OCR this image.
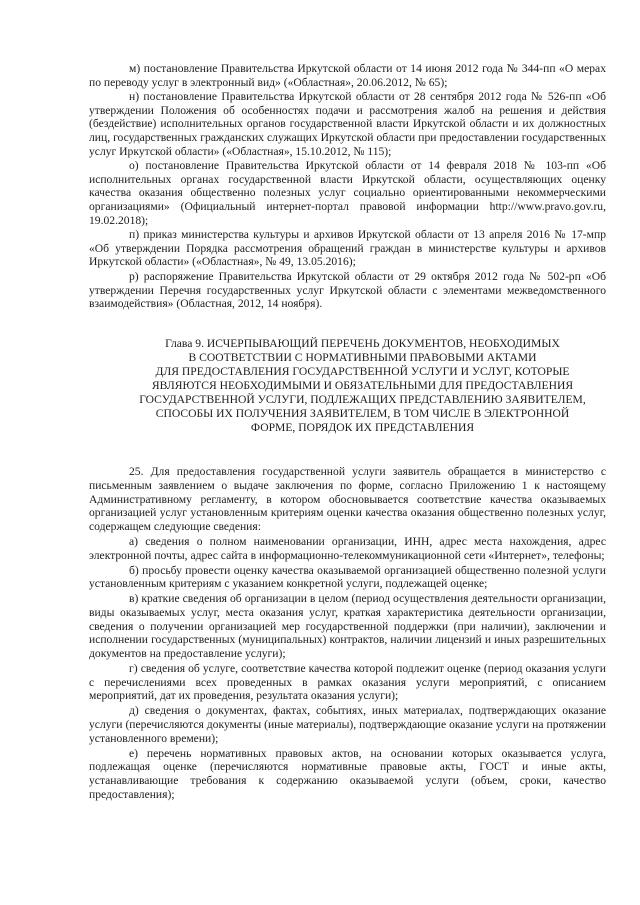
м) постановление Правительства Иркутской области от 14 июня 2012 года № 344-пп «О мерах по переводу услуг в электронный вид» («Областная», 20.06.2012, № 65);

н) постановление Правительства Иркутской области от 28 сентября 2012 года № 526-пп «Об утверждении Положения об особенностях подачи и рассмотрения жалоб на решения и действия (бездействие) исполнительных органов государственной власти Иркутской области и их должностных лиц, государственных гражданских служащих Иркутской области при предоставлении государственных услуг Иркутской области» («Областная», 15.10.2012, № 115);

о) постановление Правительства Иркутской области от 14 февраля 2018 № 103-пп «Об исполнительных органах государственной власти Иркутской области, осуществляющих оценку качества оказания общественно полезных услуг социально ориентированными некоммерческими организациями» (Официальный интернет-портал правовой информации http://www.pravo.gov.ru, 19.02.2018);

п) приказ министерства культуры и архивов Иркутской области от 13 апреля 2016 № 17-мпр «Об утверждении Порядка рассмотрения обращений граждан в министерстве культуры и архивов Иркутской области» («Областная», № 49, 13.05.2016);

р) распоряжение Правительства Иркутской области от 29 октября 2012 года № 502-рп «Об утверждении Перечня государственных услуг Иркутской области с элементами межведомственного взаимодействия» (Областная, 2012, 14 ноября).

Глава 9. ИСЧЕРПЫВАЮЩИЙ ПЕРЕЧЕНЬ ДОКУМЕНТОВ, НЕОБХОДИМЫХ
В СООТВЕТСТВИИ С НОРМАТИВНЫМИ ПРАВОВЫМИ АКТАМИ
ДЛЯ ПРЕДОСТАВЛЕНИЯ ГОСУДАРСТВЕННОЙ УСЛУГИ И УСЛУГ, КОТОРЫЕ
ЯВЛЯЮТСЯ НЕОБХОДИМЫМИ И ОБЯЗАТЕЛЬНЫМИ ДЛЯ ПРЕДОСТАВЛЕНИЯ
ГОСУДАРСТВЕННОЙ УСЛУГИ, ПОДЛЕЖАЩИХ ПРЕДСТАВЛЕНИЮ ЗАЯВИТЕЛЕМ,
СПОСОБЫ ИХ ПОЛУЧЕНИЯ ЗАЯВИТЕЛЕМ, В ТОМ ЧИСЛЕ В ЭЛЕКТРОННОЙ
ФОРМЕ, ПОРЯДОК ИХ ПРЕДСТАВЛЕНИЯ

25. Для предоставления государственной услуги заявитель обращается в министерство с письменным заявлением о выдаче заключения по форме, согласно Приложению 1 к настоящему Административному регламенту, в котором обосновывается соответствие качества оказываемых организацией услуг установленным критериям оценки качества оказания общественно полезных услуг, содержащем следующие сведения:

а) сведения о полном наименовании организации, ИНН, адрес места нахождения, адрес электронной почты, адрес сайта в информационно-телекоммуникационной сети «Интернет», телефоны;

б) просьбу провести оценку качества оказываемой организацией общественно полезной услуги установленным критериям с указанием конкретной услуги, подлежащей оценке;

в) краткие сведения об организации в целом (период осуществления деятельности организации, виды оказываемых услуг, места оказания услуг, краткая характеристика деятельности организации, сведения о получении организацией мер государственной поддержки (при наличии), заключении и исполнении государственных (муниципальных) контрактов, наличии лицензий и иных разрешительных документов на предоставление услуги);

г) сведения об услуге, соответствие качества которой подлежит оценке (период оказания услуги с перечислениями всех проведенных в рамках оказания услуги мероприятий, с описанием мероприятий, дат их проведения, результата оказания услуги);

д) сведения о документах, фактах, событиях, иных материалах, подтверждающих оказание услуги (перечисляются документы (иные материалы), подтверждающие оказание услуги на протяжении установленного времени);

е) перечень нормативных правовых актов, на основании которых оказывается услуга, подлежащая оценке (перечисляются нормативные правовые акты, ГОСТ и иные акты, устанавливающие требования к содержанию оказываемой услуги (объем, сроки, качество предоставления);
